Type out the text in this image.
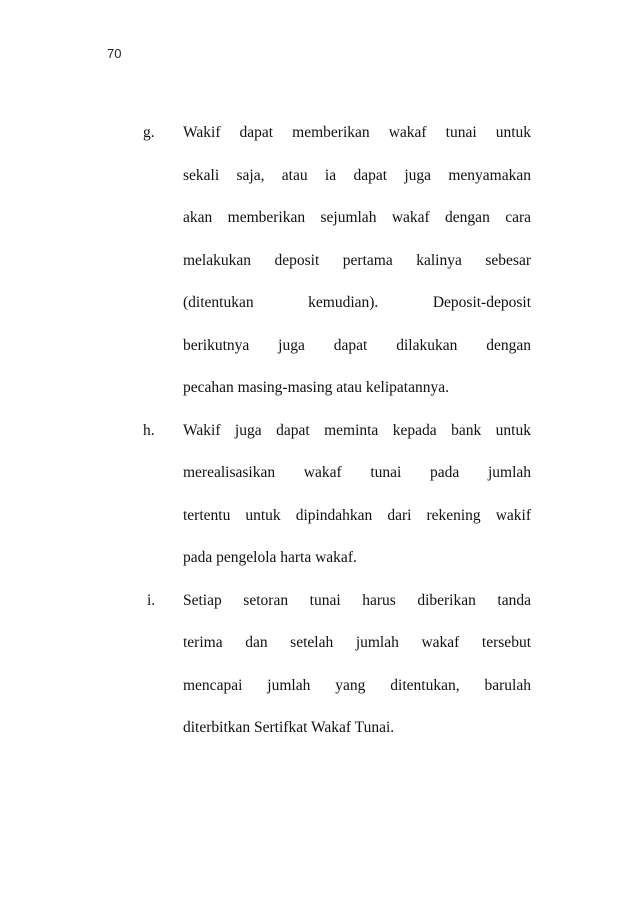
70
g. Wakif dapat memberikan wakaf tunai untuk
sekali saja, atau ia dapat juga menyamakan
akan memberikan sejumlah wakaf dengan cara
melakukan deposit pertama kalinya sebesar
(ditentukan kemudian). Deposit-deposit
berikutnya juga dapat dilakukan dengan
pecahan masing-masing atau kelipatannya.
h. Wakif juga dapat meminta kepada bank untuk
merealisasikan wakaf tunai pada jumlah
tertentu untuk dipindahkan dari rekening wakif
pada pengelola harta wakaf.
i. Setiap setoran tunai harus diberikan tanda
terima dan setelah jumlah wakaf tersebut
mencapai jumlah yang ditentukan, barulah
diterbitkan Sertifkat Wakaf Tunai.
